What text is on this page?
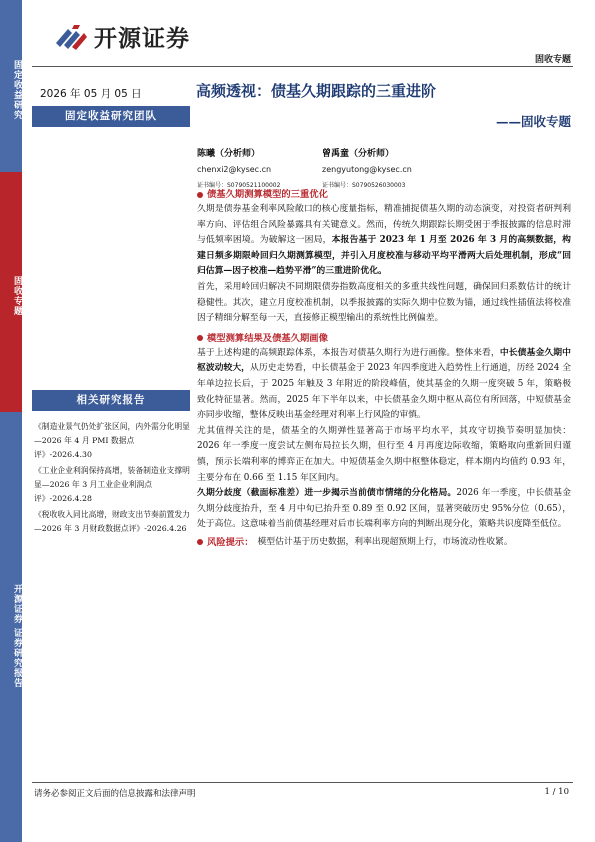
固定收益研究
固收专题
开源证券 证券研究报告
开源证券
固收专题
2026 年 05 月 05 日
固定收益研究团队
高频透视：债基久期跟踪的三重进阶
——固收专题
陈曦（分析师）
chenxi2@kysec.cn
证书编号：S0790521100002
曾禹童（分析师）
zengyutong@kysec.cn
证书编号：S0790526030003
相关研究报告
《制造业景气仍处扩张区间，内外需分化明显—2026 年 4 月 PMI 数据点评》-2026.4.30
《工业企业利润保持高增，装备制造业支撑明显—2026 年 3 月工业企业利润点评》-2026.4.28
《税收收入同比高增，财政支出节奏前置发力—2026 年 3 月财政数据点评》-2026.4.26
债基久期测算模型的三重优化

久期是债券基金利率风险敞口的核心度量指标，精准捕捉债基久期的动态演变，对投资者研判利率方向、评估组合风险暴露具有关键意义。然而，传统久期跟踪长期受困于季报披露的信息时滞与低频率困境。为破解这一困局，本报告基于 2023 年 1 月至 2026 年 3 月的高频数据，构建日频多期限岭回归久期测算模型，并引入月度校准与移动平均平滑两大后处理机制，形成“回归估算—因子校准—趋势平滑”的三重进阶优化。

首先，采用岭回归解决不同期限债券指数高度相关的多重共线性问题，确保回归系数估计的统计稳健性。其次，建立月度校准机制，以季报披露的实际久期中位数为锚，通过线性插值法将校准因子精细分解至每一天，直接修正模型输出的系统性比例偏差。

模型测算结果及债基久期画像

基于上述构建的高频跟踪体系，本报告对债基久期行为进行画像。整体来看，中长债基金久期中枢波动较大，从历史走势看，中长债基金于 2023 年四季度进入趋势性上行通道，历经 2024 全年单边拉长后，于 2025 年触及 3 年附近的阶段峰值，使其基金的久期一度突破 5 年，策略极致化特征显著。然而，2025 年下半年以来，中长债基金久期中枢从高位有所回落，中短债基金亦同步收缩，整体反映出基金经理对利率上行风险的审慎。

尤其值得关注的是，债基全的久期弹性显著高于市场平均水平，其攻守切换节奏明显加快：2026 年一季度一度尝试左侧布局拉长久期，但行至 4 月再度边际收缩，策略取向重新回归谨慎，预示长端利率的博弈正在加大。中短债基金久期中枢整体稳定，样本期内均值约 0.93 年，主要分布在 0.66 至 1.15 年区间内。

久期分歧度（截面标准差）进一步揭示当前债市情绪的分化格局。2026 年一季度，中长债基金久期分歧度抬升，至 4 月中旬已抬升至 0.89 至 0.92 区间，显著突破历史 95%分位（0.65），处于高位。这意味着当前债基经理对后市长端利率方向的判断出现分化，策略共识度降至低位。

风险提示： 模型估计基于历史数据，利率出现超预期上行，市场流动性收紧。
请务必参阅正文后面的信息披露和法律声明	1 / 10
